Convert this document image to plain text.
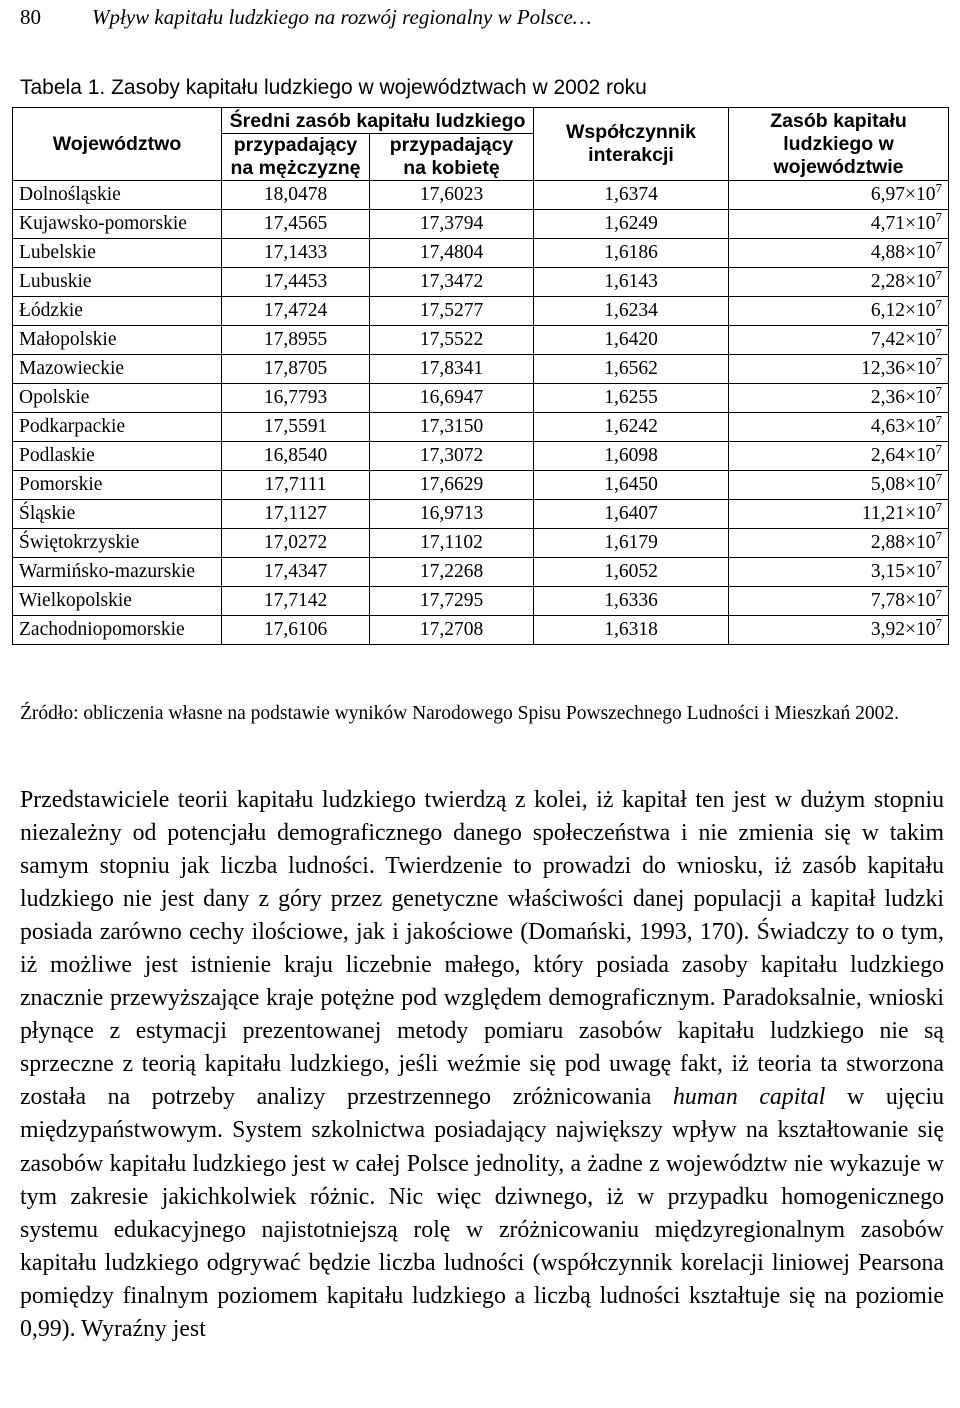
80 Wpływ kapitału ludzkiego na rozwój regionalny w Polsce…
Tabela 1. Zasoby kapitału ludzkiego w województwach w 2002 roku
Województwo	Średni zasób kapitału ludzkiego		Współczynnik interakcji	Zasób kapitału ludzkiego w województwie
	przypadający na mężczyznę	przypadający na kobietę		
Dolnośląskie	18,0478	17,6023	1,6374	$6,97\times 10^7$
Kujawsko-pomorskie	17,4565	17,3794	1,6249	$4,71\times 10^7$
Lubelskie	17,1433	17,4804	1,6186	$4,88\times 10^7$
Lubuskie	17,4453	17,3472	1,6143	$2,28\times 10^7$
Łódzkie	17,4724	17,5277	1,6234	$6,12\times 10^7$
Małopolskie	17,8955	17,5522	1,6420	$7,42\times 10^7$
Mazowieckie	17,8705	17,8341	1,6562	$12,36\times 10^7$
Opolskie	16,7793	16,6947	1,6255	$2,36\times 10^7$
Podkarpackie	17,5591	17,3150	1,6242	$4,63\times 10^7$
Podlaskie	16,8540	17,3072	1,6098	$2,64\times 10^7$
Pomorskie	17,7111	17,6629	1,6450	$5,08\times 10^7$
Śląskie	17,1127	16,9713	1,6407	$11,21\times 10^7$
Świętokrzyskie	17,0272	17,1102	1,6179	$2,88\times 10^7$
Warmińsko-mazurskie	17,4347	17,2268	1,6052	$3,15\times 10^7$
Wielkopolskie	17,7142	17,7295	1,6336	$7,78\times 10^7$
Zachodniopomorskie	17,6106	17,2708	1,6318	$3,92\times 10^7$
Źródło: obliczenia własne na podstawie wyników Narodowego Spisu Powszechnego Ludności i Mieszkań 2002.
Przedstawiciele teorii kapitału ludzkiego twierdzą z kolei, iż kapitał ten jest w dużym stopniu niezależny od potencjału demograficznego danego społeczeństwa i nie zmienia się w takim samym stopniu jak liczba ludności. Twierdzenie to prowadzi do wniosku, iż zasób kapitału ludzkiego nie jest dany z góry przez genetyczne właściwości danej populacji a kapitał ludzki posiada zarówno cechy ilościowe, jak i jakościowe (Domański, 1993, 170). Świadczy to o tym, iż możliwe jest istnienie kraju liczebnie małego, który posiada zasoby kapitału ludzkiego znacznie przewyższające kraje potężne pod względem demograficznym. Paradoksalnie, wnioski płynące z estymacji prezentowanej metody pomiaru zasobów kapitału ludzkiego nie są sprzeczne z teorią kapitału ludzkiego, jeśli weźmie się pod uwagę fakt, iż teoria ta stworzona została na potrzeby analizy przestrzennego zróżnicowania human capital w ujęciu międzypaństwowym. System szkolnictwa posiadający największy wpływ na kształtowanie się zasobów kapitału ludzkiego jest w całej Polsce jednolity, a żadne z województw nie wykazuje w tym zakresie jakichkolwiek różnic. Nic więc dziwnego, iż w przypadku homogenicznego systemu edukacyjnego najistotniejszą rolę w zróżnicowaniu międzyregionalnym zasobów kapitału ludzkiego odgrywać będzie liczba ludności (współczynnik korelacji liniowej Pearsona pomiędzy finalnym poziomem kapitału ludzkiego a liczbą ludności kształtuje się na poziomie 0,99). Wyraźny jest
